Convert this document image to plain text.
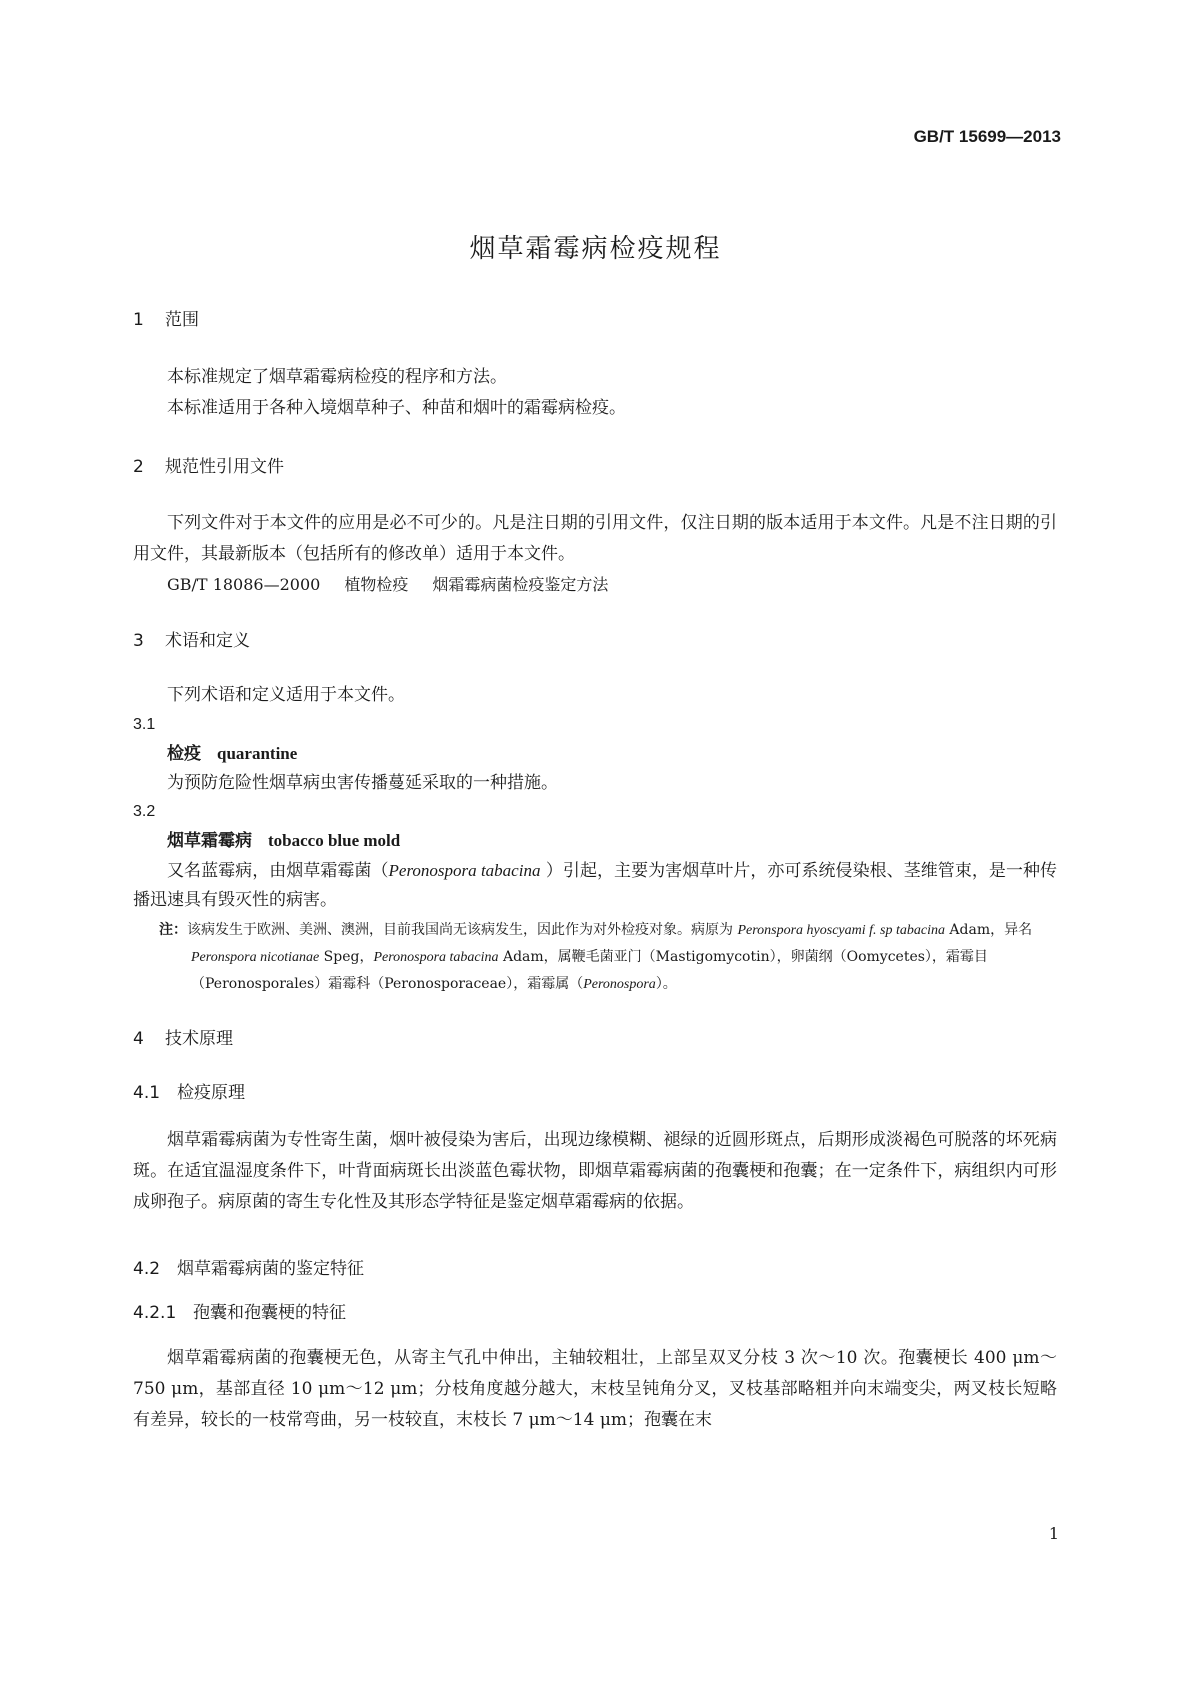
GB/T 15699—2013
烟草霜霉病检疫规程
1 范围

本标准规定了烟草霜霉病检疫的程序和方法。

本标准适用于各种入境烟草种子、种苗和烟叶的霜霉病检疫。

2 规范性引用文件

下列文件对于本文件的应用是必不可少的。凡是注日期的引用文件，仅注日期的版本适用于本文件。凡是不注日期的引用文件，其最新版本（包括所有的修改单）适用于本文件。

GB/T 18086—2000 植物检疫 烟霜霉病菌检疫鉴定方法
3 术语和定义

下列术语和定义适用于本文件。

3.1
检疫 quarantine
为预防危险性烟草病虫害传播蔓延采取的一种措施。
3.2
烟草霜霉病 tobacco blue mold

又名蓝霉病，由烟草霜霉菌（Peronospora tabacina ）引起，主要为害烟草叶片，亦可系统侵染根、茎维管束，是一种传播迅速具有毁灭性的病害。

注：该病发生于欧洲、美洲、澳洲，目前我国尚无该病发生，因此作为对外检疫对象。病原为 Peronspora hyoscyami f. sp tabacina Adam，异名 Peronspora nicotianae Speg，Peronospora tabacina Adam，属鞭毛菌亚门（Mastigomycotin），卵菌纲（Oomycetes），霜霉目（Peronosporales）霜霉科（Peronosporaceae），霜霉属（Peronospora）。
4 技术原理
4.1 检疫原理

烟草霜霉病菌为专性寄生菌，烟叶被侵染为害后，出现边缘模糊、褪绿的近圆形斑点，后期形成淡褐色可脱落的坏死病斑。在适宜温湿度条件下，叶背面病斑长出淡蓝色霉状物，即烟草霜霉病菌的孢囊梗和孢囊；在一定条件下，病组织内可形成卵孢子。病原菌的寄生专化性及其形态学特征是鉴定烟草霜霉病的依据。

4.2 烟草霜霉病菌的鉴定特征
4.2.1 孢囊和孢囊梗的特征

烟草霜霉病菌的孢囊梗无色，从寄主气孔中伸出，主轴较粗壮，上部呈双叉分枝 3 次～10 次。孢囊梗长 400 μm～750 μm，基部直径 10 μm～12 μm；分枝角度越分越大，末枝呈钝角分叉，叉枝基部略粗并向末端变尖，两叉枝长短略有差异，较长的一枝常弯曲，另一枝较直，末枝长 7 μm～14 μm；孢囊在末

1
